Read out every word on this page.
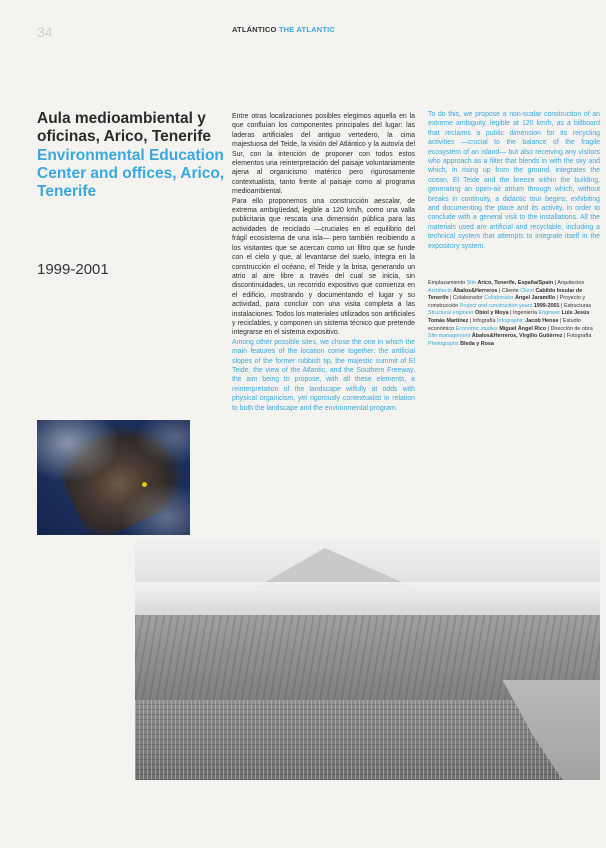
34	ATLÁNTICO THE ATLANTIC
Aula medioambiental y oficinas, Arico, Tenerife
Environmental Education Center and offices, Arico, Tenerife
1999-2001

Entre otras localizaciones posibles elegimos aquella en la que confluían los componentes principales del lugar: las laderas artificiales del antiguo vertedero, la cima majestuosa del Teide, la visión del Atlántico y la autovía del Sur, con la intención de proponer con todos estos elementos una reinterpretación del paisaje voluntariamente ajena al organicismo matérico pero rigurosamente contextualista, tanto frente al paisaje como al programa medioambiental.

Para ello proponemos una construcción aescalar, de extrema ambigüedad, legible a 120 km/h, como una valla publicitaria que rescata una dimensión pública para las actividades de reciclado —cruciales en el equilibrio del frágil ecosistema de una isla— pero también recibiendo a los visitantes que se acercan como un filtro que se funde con el cielo y que, al levantarse del suelo, integra en la construcción el océano, el Teide y la brisa, generando un atrio al aire libre a través del cual se inicia, sin discontinuidades, un recorrido expositivo que comienza en el edificio, mostrando y documentando el lugar y su actividad, para concluir con una visita completa a las instalaciones. Todos los materiales utilizados son artificiales y reciclables, y componen un sistema técnico que pretende integrarse en el sistema expositivo.

Among other possible sites, we chose the one in which the main features of the location come together: the artificial slopes of the former rubbish tip, the majestic summit of El Teide, the view of the Atlantic, and the Southern Freeway, the aim being to propose, with all these elements, a reinterpretation of the landscape wilfully at odds with physical organicism, yet rigorously contextualist in relation to both the landscape and the environmental program.

To do this, we propose a non-scalar construction of an extreme ambiguity, legible at 120 km/h, as a billboard that reclaims a public dimension for its recycling activities —crucial to the balance of the fragile ecosystem of an island— but also receiving any visitors who approach as a filter that blends in with the sky and which, in rising up from the ground, integrates the ocean, El Teide and the breeze within the building, generating an open-air atrium through which, without breaks in continuity, a didactic tour begins, exhibiting and documenting the place and its activity, in order to conclude with a general visit to the installations. All the materials used are artificial and recyclable, including a technical system that attempts to integrate itself in the expository system.

Emplazamiento Site Arico, Tenerife, España/Spain | Arquitectos Architects Ábalos&Herreros | Cliente Client Cabildo Insular de Tenerife | Colaborador Collaborator Ángel Jaramillo | Proyecto y construcción Project and construction years 1999-2001 | Estructuras Structural engineer Obiol y Moya | Ingeniería Engineer Luis Jesús Tomás Martínez | Infografía Infographic Jacob Hense | Estudio económico Economic studies Miguel Ángel Rico | Dirección de obra Site management Ábalos&Herreros, Virgilio Gutiérrez | Fotografía Photographs Bleda y Rosa
